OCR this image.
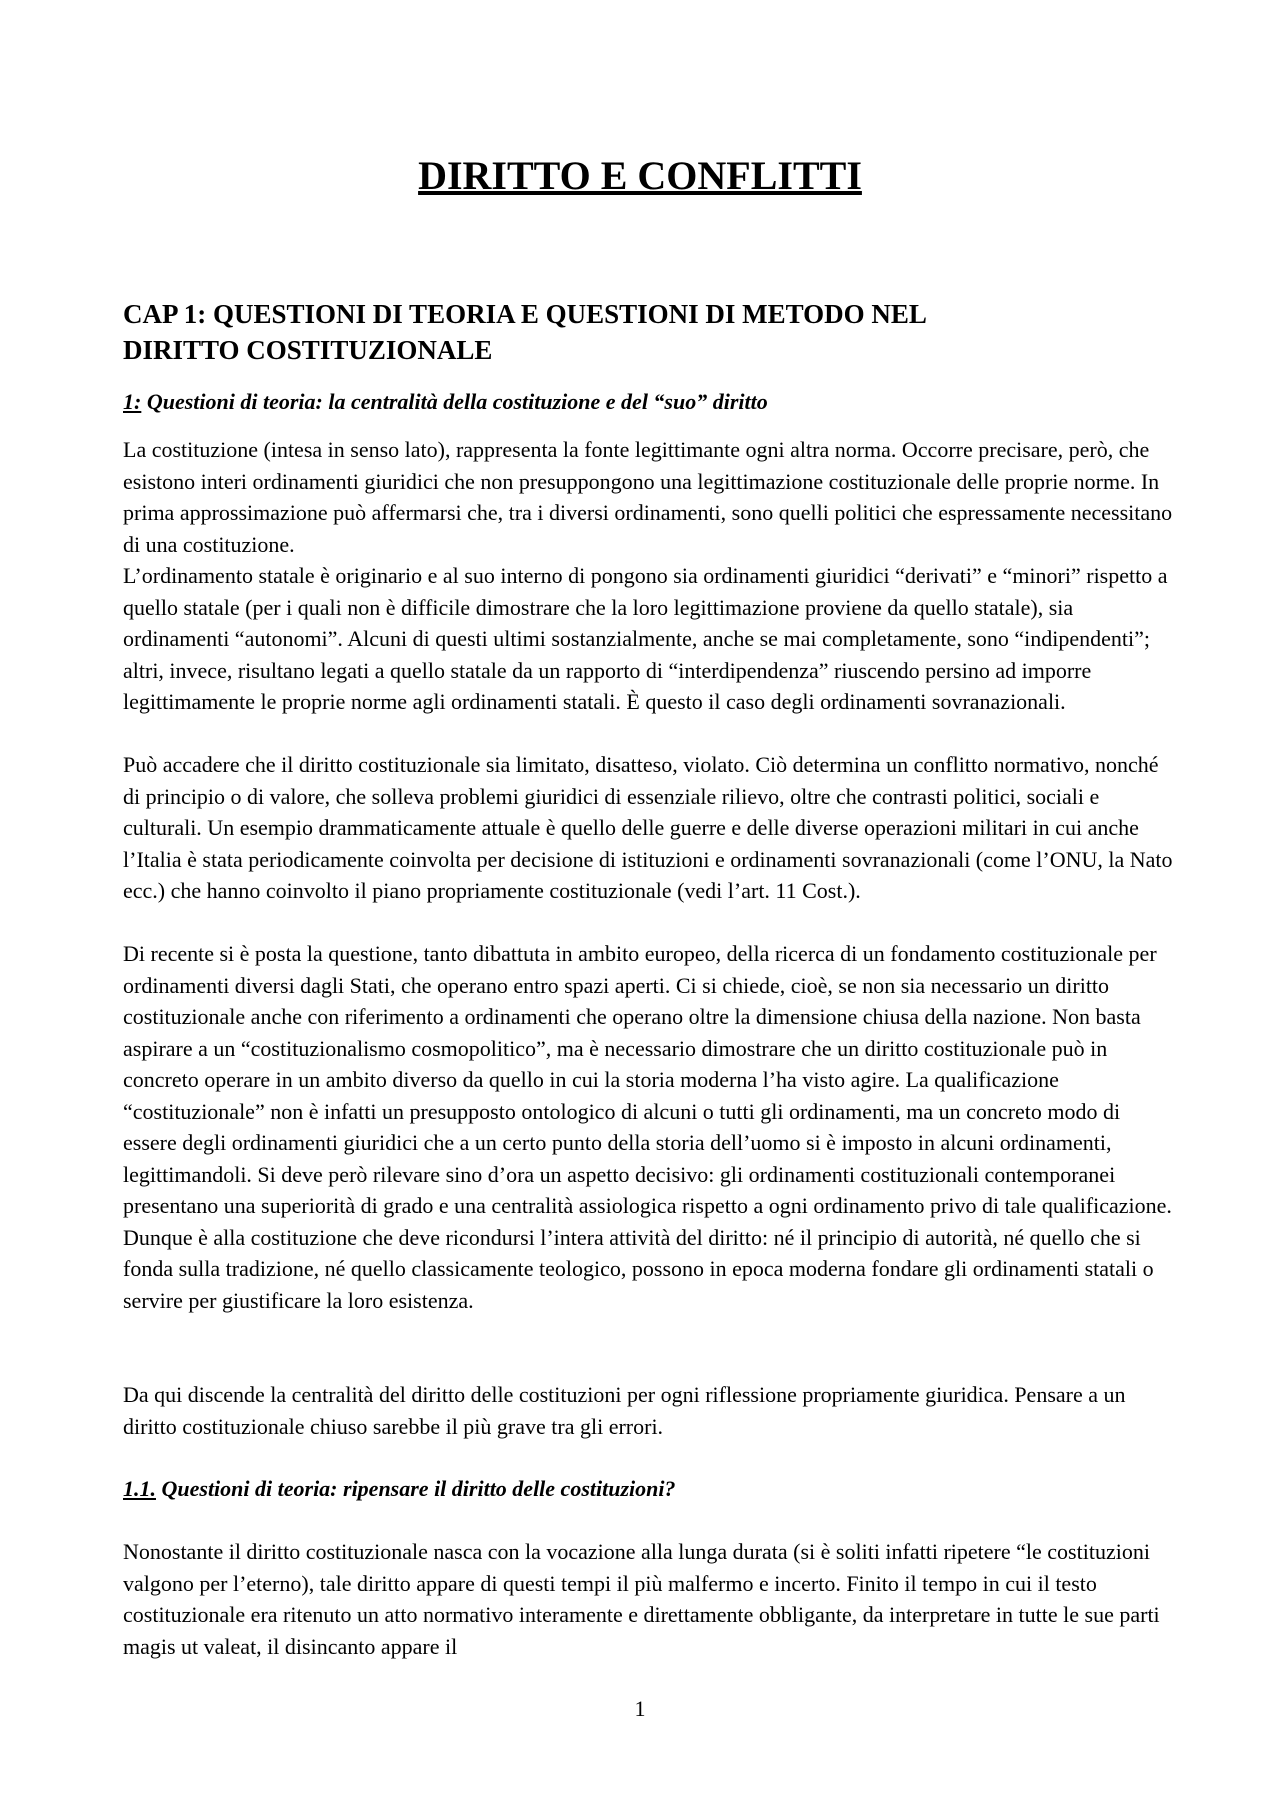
DIRITTO E CONFLITTI
CAP 1: QUESTIONI DI TEORIA E QUESTIONI DI METODO NEL
DIRITTO COSTITUZIONALE
1: Questioni di teoria: la centralità della costituzione e del “suo” diritto

La costituzione (intesa in senso lato), rappresenta la fonte legittimante ogni altra norma. Occorre precisare, però, che esistono interi ordinamenti giuridici che non presuppongono una legittimazione costituzionale delle proprie norme. In prima approssimazione può affermarsi che, tra i diversi ordinamenti, sono quelli politici che espressamente necessitano di una costituzione.

L’ordinamento statale è originario e al suo interno di pongono sia ordinamenti giuridici “derivati” e “minori” rispetto a quello statale (per i quali non è difficile dimostrare che la loro legittimazione proviene da quello statale), sia ordinamenti “autonomi”. Alcuni di questi ultimi sostanzialmente, anche se mai completamente, sono “indipendenti”; altri, invece, risultano legati a quello statale da un rapporto di “interdipendenza” riuscendo persino ad imporre legittimamente le proprie norme agli ordinamenti statali. È questo il caso degli ordinamenti sovranazionali.

Può accadere che il diritto costituzionale sia limitato, disatteso, violato. Ciò determina un conflitto normativo, nonché di principio o di valore, che solleva problemi giuridici di essenziale rilievo, oltre che contrasti politici, sociali e culturali. Un esempio drammaticamente attuale è quello delle guerre e delle diverse operazioni militari in cui anche l’Italia è stata periodicamente coinvolta per decisione di istituzioni e ordinamenti sovranazionali (come l’ONU, la Nato ecc.) che hanno coinvolto il piano propriamente costituzionale (vedi l’art. 11 Cost.).

Di recente si è posta la questione, tanto dibattuta in ambito europeo, della ricerca di un fondamento costituzionale per ordinamenti diversi dagli Stati, che operano entro spazi aperti. Ci si chiede, cioè, se non sia necessario un diritto costituzionale anche con riferimento a ordinamenti che operano oltre la dimensione chiusa della nazione. Non basta aspirare a un “costituzionalismo cosmopolitico”, ma è necessario dimostrare che un diritto costituzionale può in concreto operare in un ambito diverso da quello in cui la storia moderna l’ha visto agire. La qualificazione “costituzionale” non è infatti un presupposto ontologico di alcuni o tutti gli ordinamenti, ma un concreto modo di essere degli ordinamenti giuridici che a un certo punto della storia dell’uomo si è imposto in alcuni ordinamenti, legittimandoli. Si deve però rilevare sino d’ora un aspetto decisivo: gli ordinamenti costituzionali contemporanei presentano una superiorità di grado e una centralità assiologica rispetto a ogni ordinamento privo di tale qualificazione. Dunque è alla costituzione che deve ricondursi l’intera attività del diritto: né il principio di autorità, né quello che si fonda sulla tradizione, né quello classicamente teologico, possono in epoca moderna fondare gli ordinamenti statali o servire per giustificare la loro esistenza.

Da qui discende la centralità del diritto delle costituzioni per ogni riflessione propriamente giuridica. Pensare a un diritto costituzionale chiuso sarebbe il più grave tra gli errori.

1.1. Questioni di teoria: ripensare il diritto delle costituzioni?

Nonostante il diritto costituzionale nasca con la vocazione alla lunga durata (si è soliti infatti ripetere “le costituzioni valgono per l’eterno), tale diritto appare di questi tempi il più malfermo e incerto. Finito il tempo in cui il testo costituzionale era ritenuto un atto normativo interamente e direttamente obbligante, da interpretare in tutte le sue parti magis ut valeat, il disincanto appare il

1
